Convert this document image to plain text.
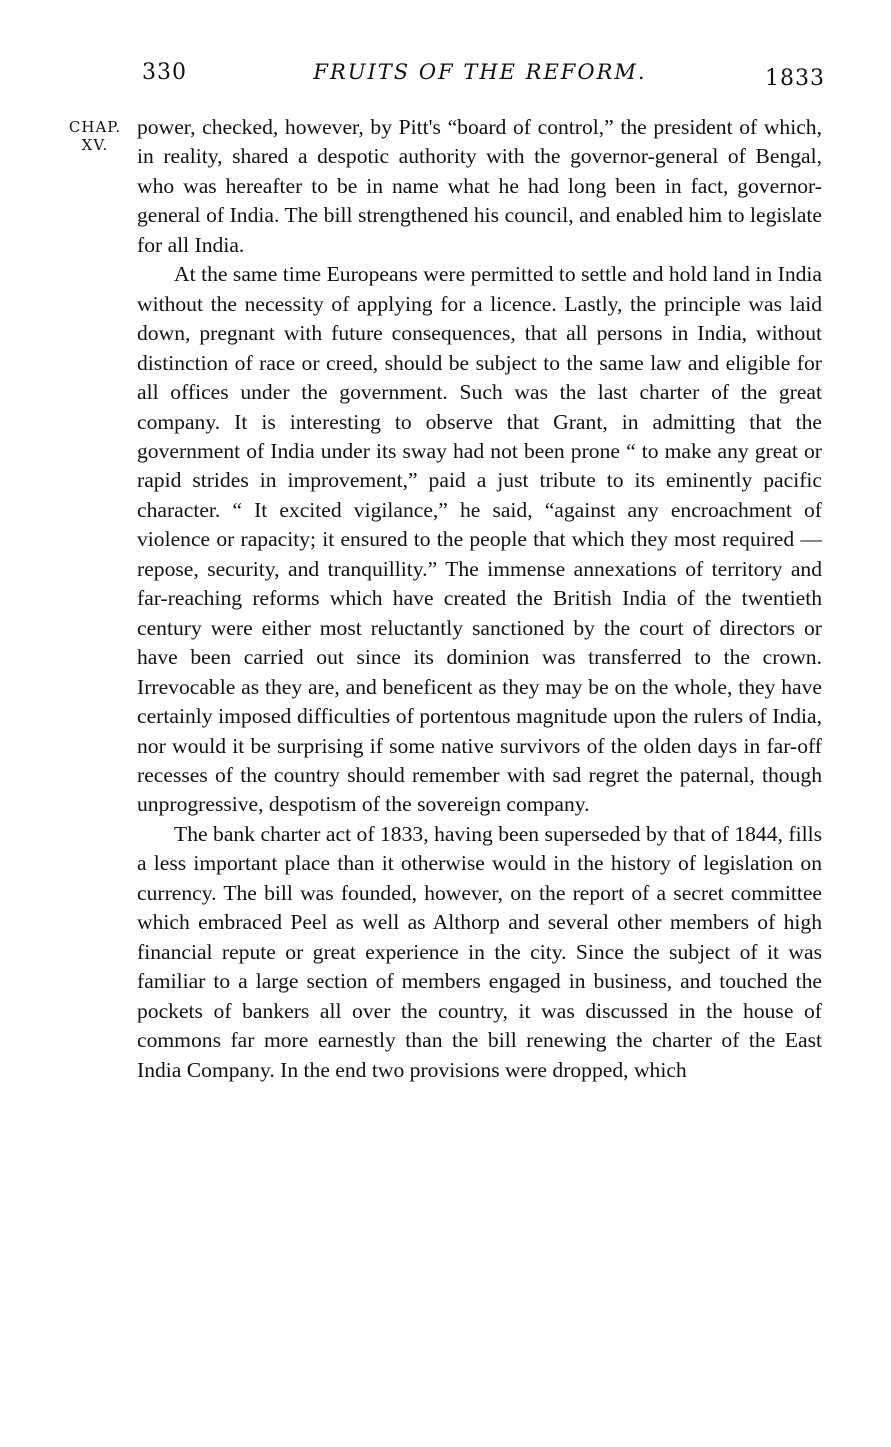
330	FRUITS OF THE REFORM.	1833
CHAP.
XV.

power, checked, however, by Pitt's “board of control,” the president of which, in reality, shared a despotic authority with the governor-general of Bengal, who was hereafter to be in name what he had long been in fact, governor-general of India. The bill strengthened his council, and enabled him to legislate for all India.

At the same time Europeans were permitted to settle and hold land in India without the necessity of applying for a licence. Lastly, the principle was laid down, pregnant with future consequences, that all persons in India, without distinction of race or creed, should be subject to the same law and eligible for all offices under the government. Such was the last charter of the great company. It is interesting to observe that Grant, in admitting that the government of India under its sway had not been prone “ to make any great or rapid strides in improvement,” paid a just tribute to its eminently pacific character. “ It excited vigilance,” he said, “against any encroachment of violence or rapacity; it ensured to the people that which they most required —repose, security, and tranquillity.” The immense annexations of territory and far-reaching reforms which have created the British India of the twentieth century were either most reluctantly sanctioned by the court of directors or have been carried out since its dominion was transferred to the crown. Irrevocable as they are, and beneficent as they may be on the whole, they have certainly imposed difficulties of portentous magnitude upon the rulers of India, nor would it be surprising if some native survivors of the olden days in far-off recesses of the country should remember with sad regret the paternal, though unprogressive, despotism of the sovereign company.

The bank charter act of 1833, having been superseded by that of 1844, fills a less important place than it otherwise would in the history of legislation on currency. The bill was founded, however, on the report of a secret committee which embraced Peel as well as Althorp and several other members of high financial repute or great experience in the city. Since the subject of it was familiar to a large section of members engaged in business, and touched the pockets of bankers all over the country, it was discussed in the house of commons far more earnestly than the bill renewing the charter of the East India Company. In the end two provisions were dropped, which
